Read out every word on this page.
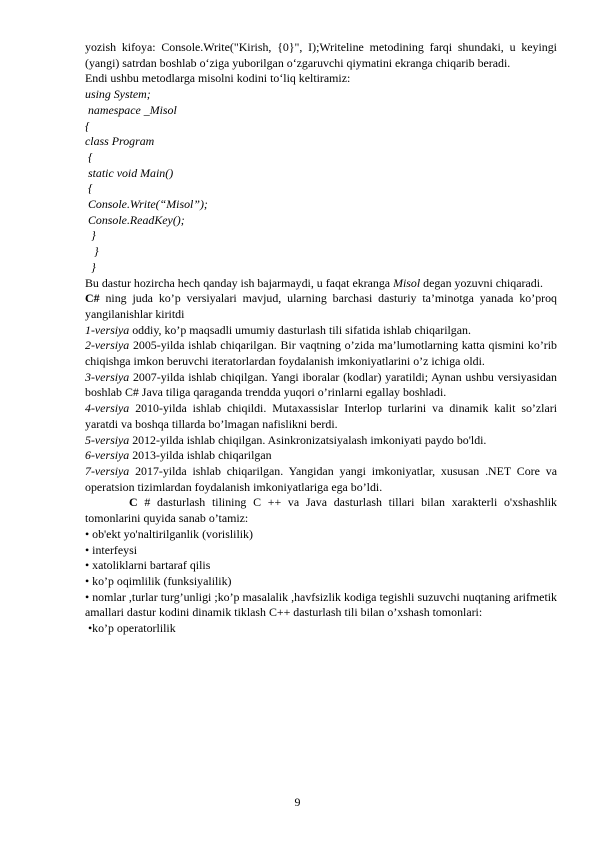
yozish kifoya: Console.Write("Kirish, {0}", I);Writeline metodining farqi shundaki, u keyingi (yangi) satrdan boshlab o‘ziga yuborilgan o‘zgaruvchi qiymatini ekranga chiqarib beradi.

Endi ushbu metodlarga misolni kodini to‘liq keltiramiz:

using System;

namespace _Misol

{

class Program

{

static void Main()

{

Console.Write(“Misol”);

Console.ReadKey();

}

}

}

Bu dastur hozircha hech qanday ish bajarmaydi, u faqat ekranga Misol degan yozuvni chiqaradi.

C# ning juda ko’p versiyalari mavjud, ularning barchasi dasturiy ta’minotga yanada ko’proq yangilanishlar kiritdi

1-versiya oddiy, ko’p maqsadli umumiy dasturlash tili sifatida ishlab chiqarilgan.

2-versiya 2005-yilda ishlab chiqarilgan. Bir vaqtning o’zida ma’lumotlarning katta qismini ko’rib chiqishga imkon beruvchi iteratorlardan foydalanish imkoniyatlarini o’z ichiga oldi.

3-versiya 2007-yilda ishlab chiqilgan. Yangi iboralar (kodlar) yaratildi; Aynan ushbu versiyasidan boshlab C# Java tiliga qaraganda trendda yuqori o’rinlarni egallay boshladi.

4-versiya 2010-yilda ishlab chiqildi. Mutaxassislar Interlop turlarini va dinamik kalit so’zlari yaratdi va boshqa tillarda bo’lmagan nafislikni berdi.

5-versiya 2012-yilda ishlab chiqilgan. Asinkronizatsiyalash imkoniyati paydo bo'ldi.

6-versiya 2013-yilda ishlab chiqarilgan

7-versiya 2017-yilda ishlab chiqarilgan. Yangidan yangi imkoniyatlar, xususan .NET Core va operatsion tizimlardan foydalanish imkoniyatlariga ega bo’ldi.

C # dasturlash tilining C ++ va Java dasturlash tillari bilan xarakterli o'xshashlik tomonlarini quyida sanab o’tamiz:

• ob'ekt yo'naltirilganlik (vorislilik)

• interfeysi

• xatoliklarni bartaraf qilis

• ko’p oqimlilik (funksiyalilik)

• nomlar ,turlar turg’unligi ;ko’p masalalik ,havfsizlik kodiga tegishli suzuvchi nuqtaning arifmetik amallari dastur kodini dinamik tiklash C++ dasturlash tili bilan o’xshash tomonlari:

•ko’p operatorlilik

9
